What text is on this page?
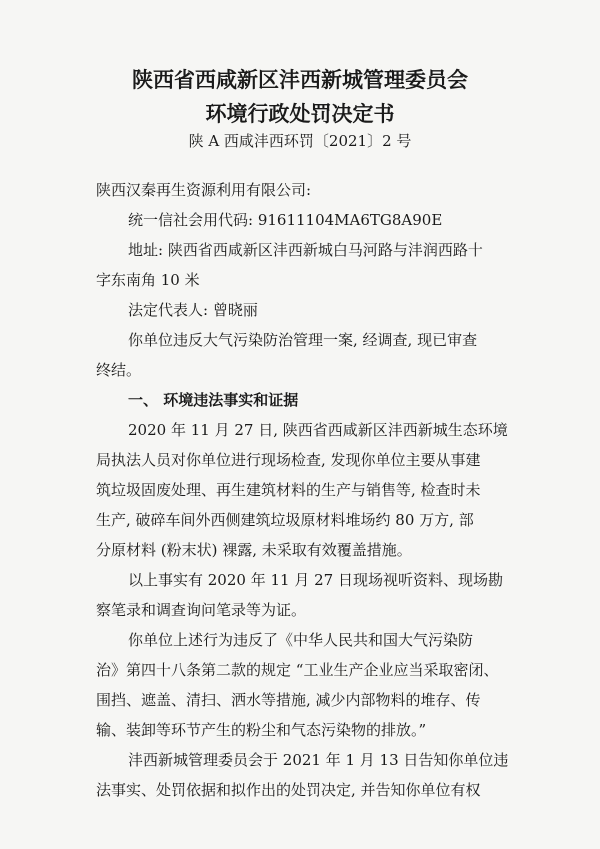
陕西省西咸新区沣西新城管理委员会
环境行政处罚决定书
陕 A 西咸沣西环罚〔2021〕2 号
陕西汉秦再生资源利用有限公司:
统一信社会用代码: 91611104MA6TG8A90E
地址: 陕西省西咸新区沣西新城白马河路与沣润西路十
字东南角 10 米
法定代表人: 曾晓丽
你单位违反大气污染防治管理一案, 经调查, 现已审查
终结。
一、 环境违法事实和证据
2020 年 11 月 27 日, 陕西省西咸新区沣西新城生态环境
局执法人员对你单位进行现场检查, 发现你单位主要从事建
筑垃圾固废处理、再生建筑材料的生产与销售等, 检查时未
生产, 破碎车间外西侧建筑垃圾原材料堆场约 80 万方, 部
分原材料 (粉末状) 裸露, 未采取有效覆盖措施。
以上事实有 2020 年 11 月 27 日现场视听资料、现场勘
察笔录和调查询问笔录等为证。
你单位上述行为违反了《中华人民共和国大气污染防
治》第四十八条第二款的规定 “工业生产企业应当采取密闭、
围挡、遮盖、清扫、洒水等措施, 减少内部物料的堆存、传
输、装卸等环节产生的粉尘和气态污染物的排放。”
沣西新城管理委员会于 2021 年 1 月 13 日告知你单位违
法事实、处罚依据和拟作出的处罚决定, 并告知你单位有权
